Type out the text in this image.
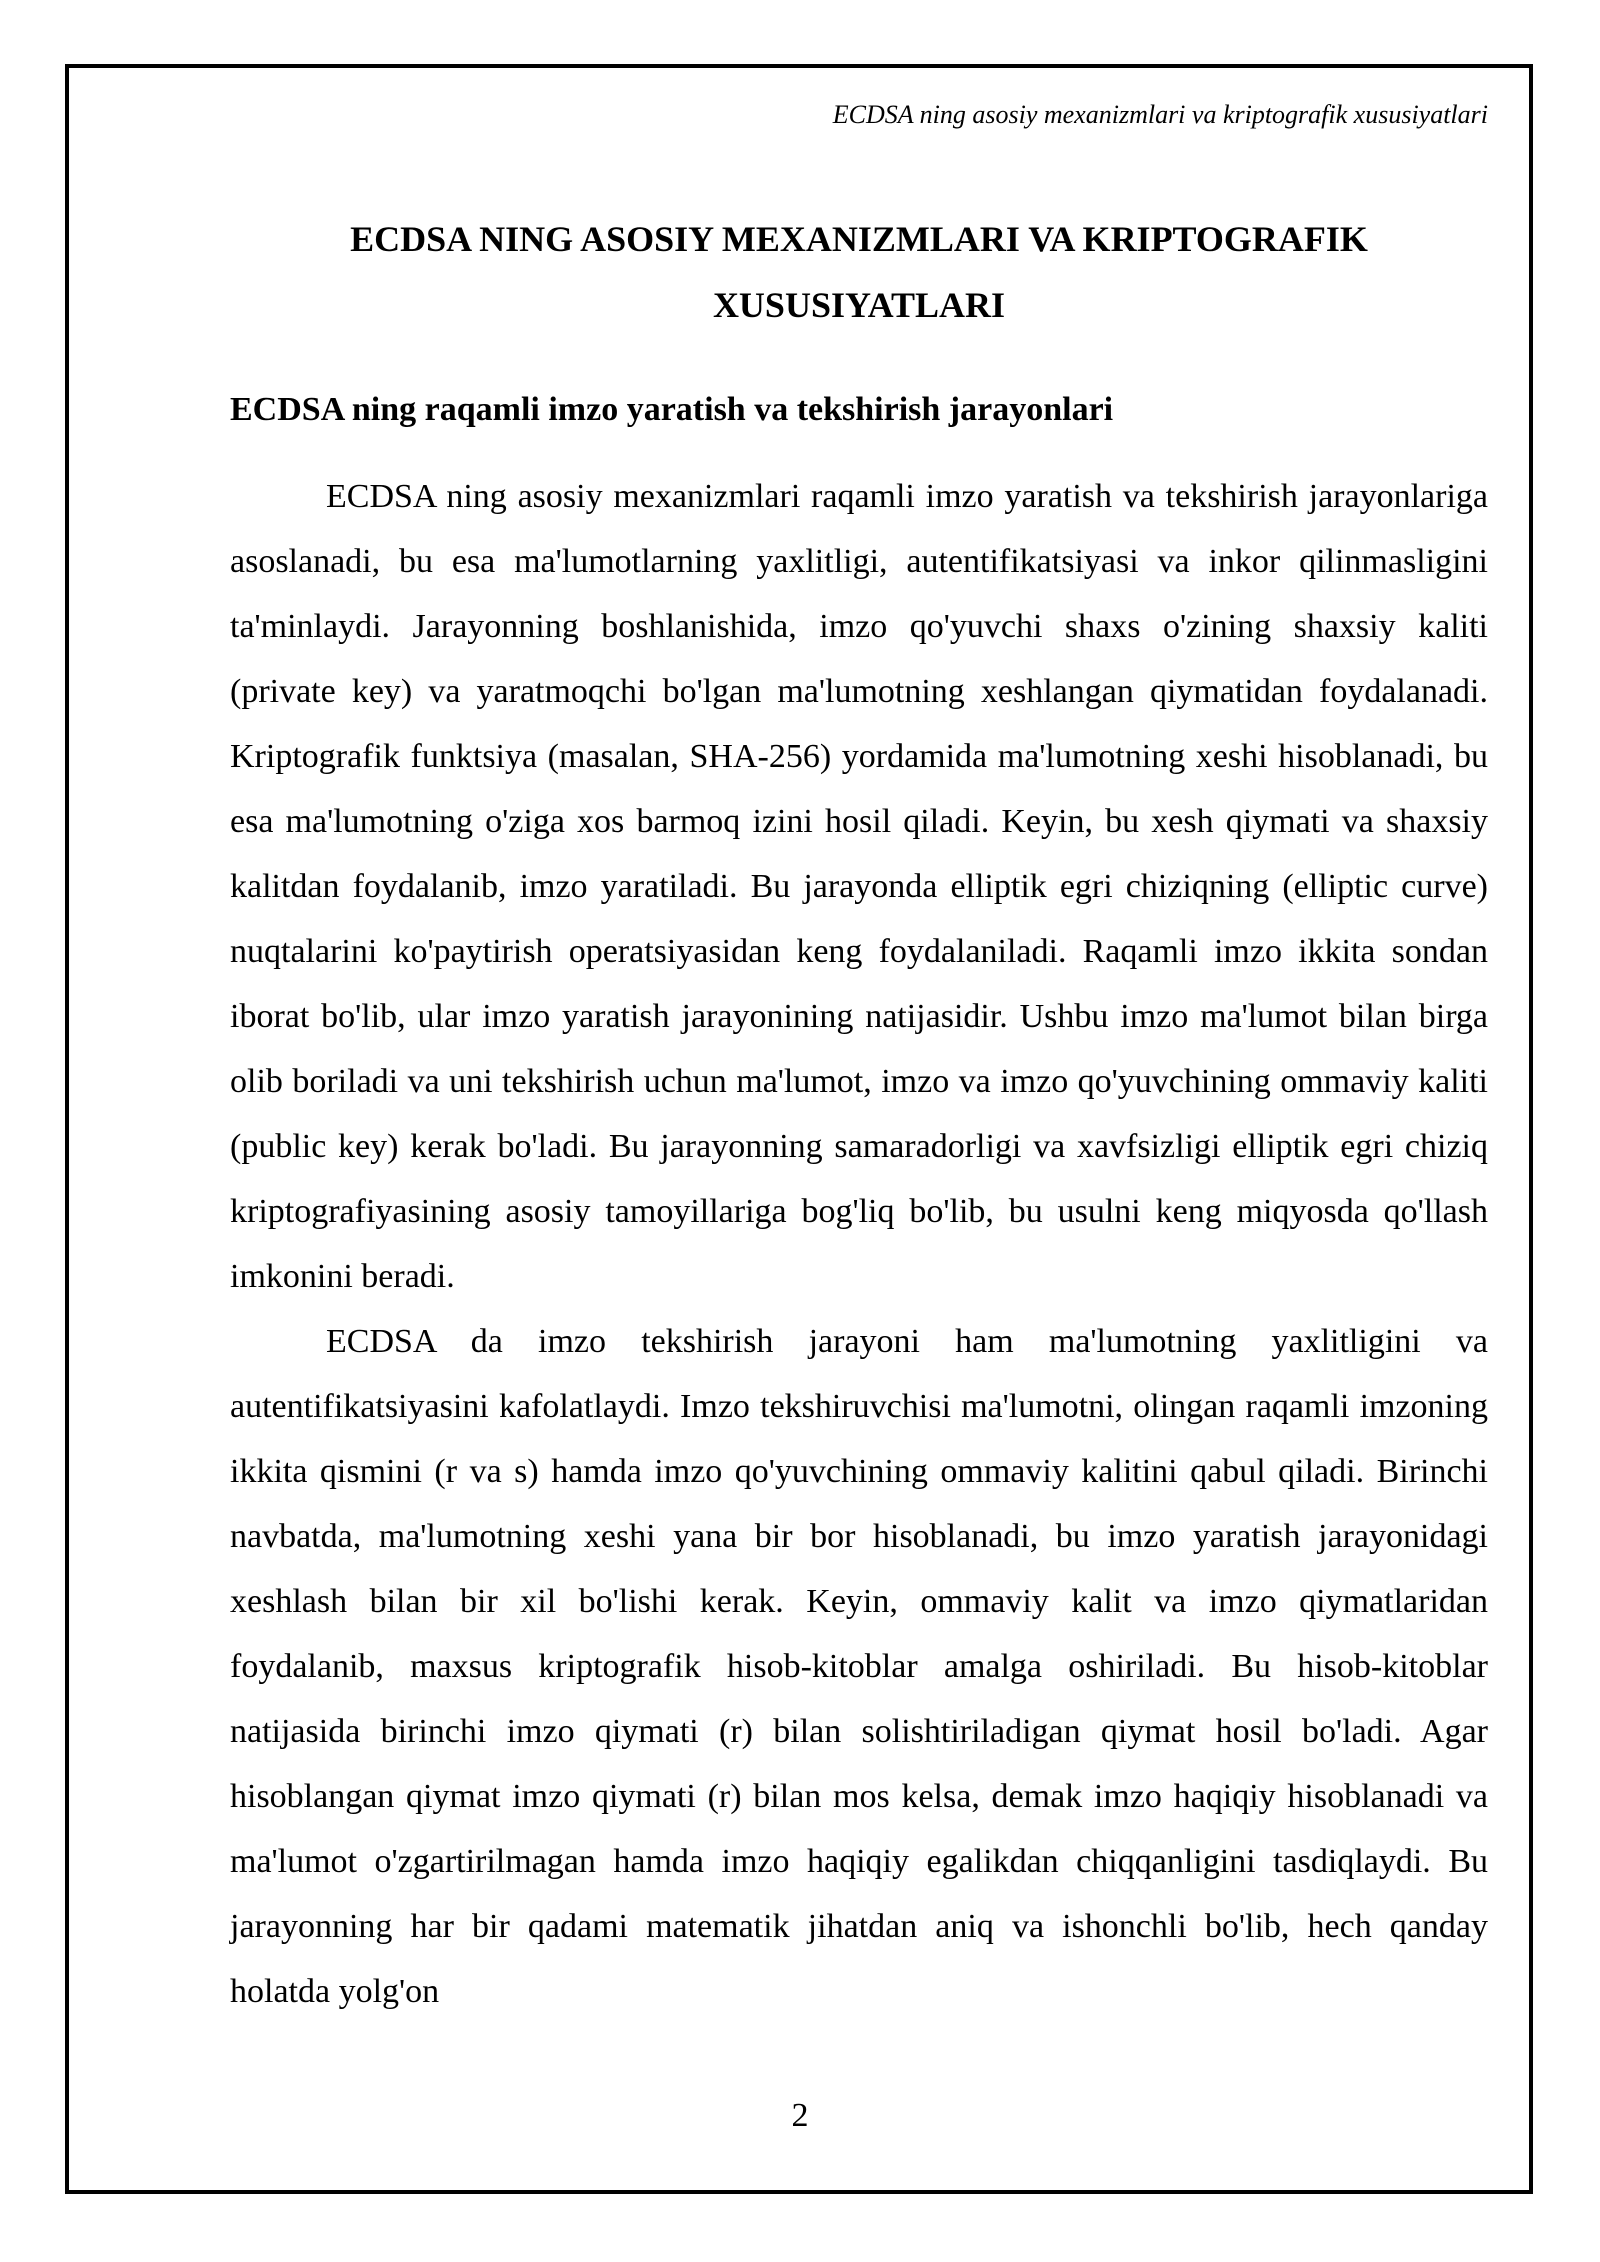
ECDSA ning asosiy mexanizmlari va kriptografik xususiyatlari
ECDSA NING ASOSIY MEXANIZMLARI VA KRIPTOGRAFIK XUSUSIYATLARI
ECDSA ning raqamli imzo yaratish va tekshirish jarayonlari

ECDSA ning asosiy mexanizmlari raqamli imzo yaratish va tekshirish jarayonlariga asoslanadi, bu esa ma'lumotlarning yaxlitligi, autentifikatsiyasi va inkor qilinmasligini ta'minlaydi. Jarayonning boshlanishida, imzo qo'yuvchi shaxs o'zining shaxsiy kaliti (private key) va yaratmoqchi bo'lgan ma'lumotning xeshlangan qiymatidan foydalanadi. Kriptografik funktsiya (masalan, SHA-256) yordamida ma'lumotning xeshi hisoblanadi, bu esa ma'lumotning o'ziga xos barmoq izini hosil qiladi. Keyin, bu xesh qiymati va shaxsiy kalitdan foydalanib, imzo yaratiladi. Bu jarayonda elliptik egri chiziqning (elliptic curve) nuqtalarini ko'paytirish operatsiyasidan keng foydalaniladi. Raqamli imzo ikkita sondan iborat bo'lib, ular imzo yaratish jarayonining natijasidir. Ushbu imzo ma'lumot bilan birga olib boriladi va uni tekshirish uchun ma'lumot, imzo va imzo qo'yuvchining ommaviy kaliti (public key) kerak bo'ladi. Bu jarayonning samaradorligi va xavfsizligi elliptik egri chiziq kriptografiyasining asosiy tamoyillariga bog'liq bo'lib, bu usulni keng miqyosda qo'llash imkonini beradi.

ECDSA da imzo tekshirish jarayoni ham ma'lumotning yaxlitligini va autentifikatsiyasini kafolatlaydi. Imzo tekshiruvchisi ma'lumotni, olingan raqamli imzoning ikkita qismini (r va s) hamda imzo qo'yuvchining ommaviy kalitini qabul qiladi. Birinchi navbatda, ma'lumotning xeshi yana bir bor hisoblanadi, bu imzo yaratish jarayonidagi xeshlash bilan bir xil bo'lishi kerak. Keyin, ommaviy kalit va imzo qiymatlaridan foydalanib, maxsus kriptografik hisob-kitoblar amalga oshiriladi. Bu hisob-kitoblar natijasida birinchi imzo qiymati (r) bilan solishtiriladigan qiymat hosil bo'ladi. Agar hisoblangan qiymat imzo qiymati (r) bilan mos kelsa, demak imzo haqiqiy hisoblanadi va ma'lumot o'zgartirilmagan hamda imzo haqiqiy egalikdan chiqqanligini tasdiqlaydi. Bu jarayonning har bir qadami matematik jihatdan aniq va ishonchli bo'lib, hech qanday holatda yolg'on

2
